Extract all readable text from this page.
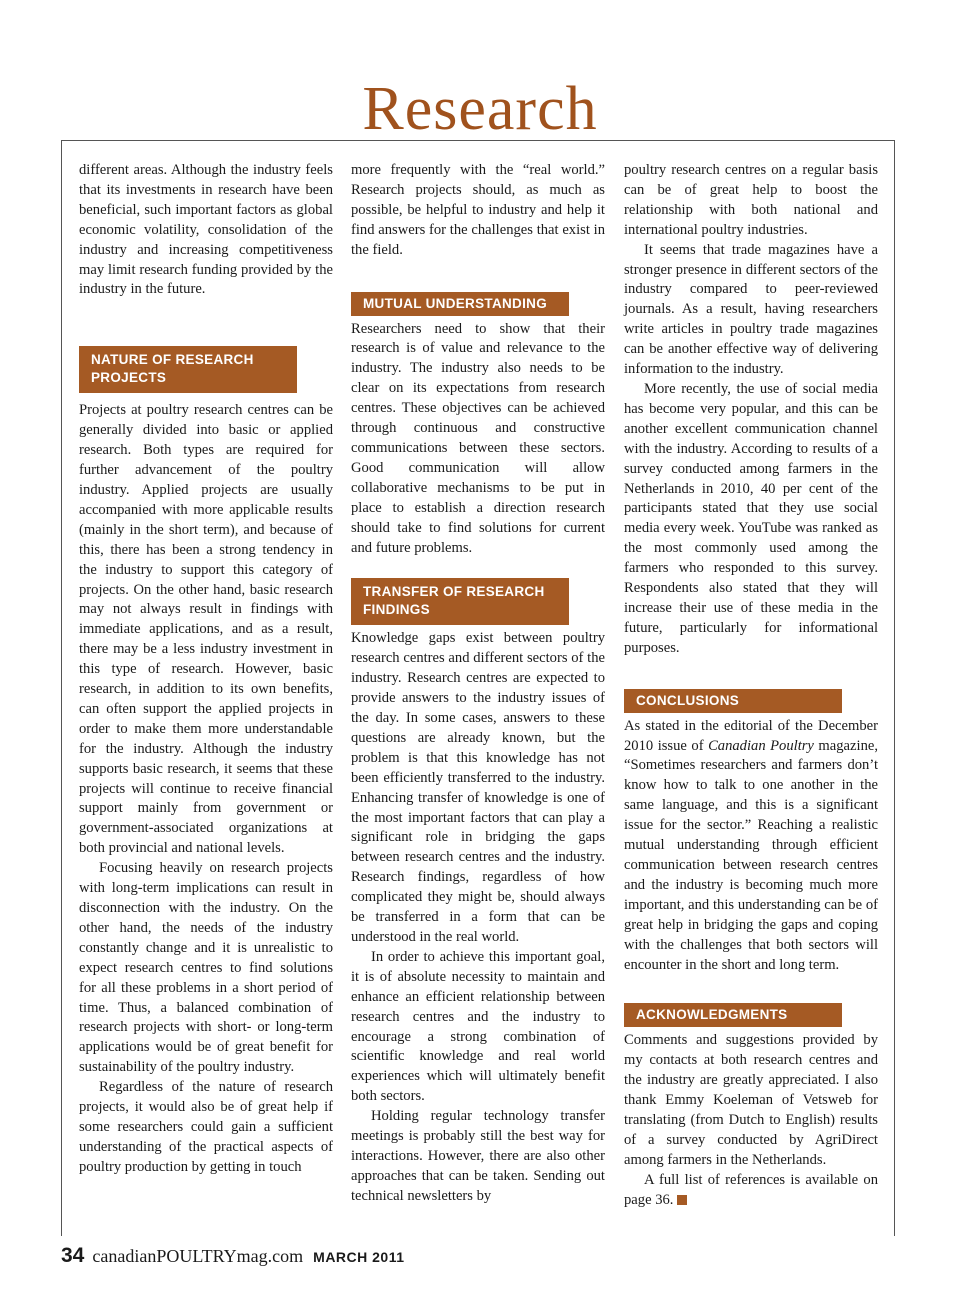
Research

different areas. Although the industry feels that its investments in research have been beneficial, such important factors as global economic volatility, consolidation of the industry and increasing competitiveness may limit research funding provided by the industry in the future.

NATURE OF RESEARCH PROJECTS

Projects at poultry research centres can be generally divided into basic or applied research. Both types are required for further advancement of the poultry industry. Applied projects are usually accompanied with more applicable results (mainly in the short term), and because of this, there has been a strong tendency in the industry to support this category of projects. On the other hand, basic research may not always result in findings with immediate applications, and as a result, there may be a less industry investment in this type of research. However, basic research, in addition to its own benefits, can often support the applied projects in order to make them more understandable for the industry. Although the industry supports basic research, it seems that these projects will continue to receive financial support mainly from government or government-associated organizations at both provincial and national levels.

Focusing heavily on research projects with long-term implications can result in disconnection with the industry. On the other hand, the needs of the industry constantly change and it is unrealistic to expect research centres to find solutions for all these problems in a short period of time. Thus, a balanced combination of research projects with short- or long-term applications would be of great benefit for sustainability of the poultry industry.

Regardless of the nature of research projects, it would also be of great help if some researchers could gain a sufficient understanding of the practical aspects of poultry production by getting in touch

more frequently with the “real world.” Research projects should, as much as possible, be helpful to industry and help it find answers for the challenges that exist in the field.

MUTUAL UNDERSTANDING

Researchers need to show that their research is of value and relevance to the industry. The industry also needs to be clear on its expectations from research centres. These objectives can be achieved through continuous and constructive communications between these sectors. Good communication will allow collaborative mechanisms to be put in place to establish a direction research should take to find solutions for current and future problems.

TRANSFER OF RESEARCH FINDINGS

Knowledge gaps exist between poultry research centres and different sectors of the industry. Research centres are expected to provide answers to the industry issues of the day. In some cases, answers to these questions are already known, but the problem is that this knowledge has not been efficiently transferred to the industry. Enhancing transfer of knowledge is one of the most important factors that can play a significant role in bridging the gaps between research centres and the industry. Research findings, regardless of how complicated they might be, should always be transferred in a form that can be understood in the real world.

In order to achieve this important goal, it is of absolute necessity to maintain and enhance an efficient relationship between research centres and the industry to encourage a strong combination of scientific knowledge and real world experiences which will ultimately benefit both sectors.

Holding regular technology transfer meetings is probably still the best way for interactions. However, there are also other approaches that can be taken. Sending out technical newsletters by

poultry research centres on a regular basis can be of great help to boost the relationship with both national and international poultry industries.

It seems that trade magazines have a stronger presence in different sectors of the industry compared to peer-reviewed journals. As a result, having researchers write articles in poultry trade magazines can be another effective way of delivering information to the industry.

More recently, the use of social media has become very popular, and this can be another excellent communication channel with the industry. According to results of a survey conducted among farmers in the Netherlands in 2010, 40 per cent of the participants stated that they use social media every week. YouTube was ranked as the most commonly used among the farmers who responded to this survey. Respondents also stated that they will increase their use of these media in the future, particularly for informational purposes.

CONCLUSIONS

As stated in the editorial of the December 2010 issue of Canadian Poultry magazine, “Sometimes researchers and farmers don’t know how to talk to one another in the same language, and this is a significant issue for the sector.” Reaching a realistic mutual understanding through efficient communication between research centres and the industry is becoming much more important, and this understanding can be of great help in bridging the gaps and coping with the challenges that both sectors will encounter in the short and long term.

ACKNOWLEDGMENTS

Comments and suggestions provided by my contacts at both research centres and the industry are greatly appreciated. I also thank Emmy Koeleman of Vetsweb for translating (from Dutch to English) results of a survey conducted by AgriDirect among farmers in the Netherlands.

A full list of references is available on page 36.

34 canadianPOULTRYmag.com MARCH 2011
